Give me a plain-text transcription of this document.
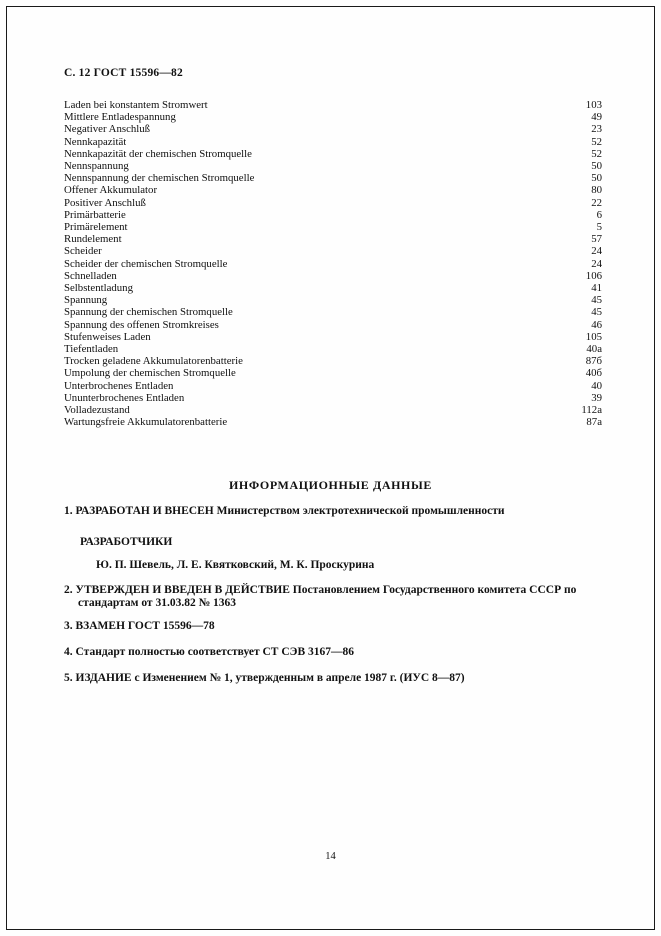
С. 12 ГОСТ 15596—82
Laden bei konstantem Stromwert	103
Mittlere Entladespannung	49
Negativer Anschluß	23
Nennkapazität	52
Nennkapazität der chemischen Stromquelle	52
Nennspannung	50
Nennspannung der chemischen Stromquelle	50
Offener Akkumulator	80
Positiver Anschluß	22
Primärbatterie	6
Primärelement	5
Rundelement	57
Scheider	24
Scheider der chemischen Stromquelle	24
Schnelladen	106
Selbstentladung	41
Spannung	45
Spannung der chemischen Stromquelle	45
Spannung des offenen Stromkreises	46
Stufenweises Laden	105
Tiefentladen	40а
Trocken geladene Akkumulatorenbatterie	87б
Umpolung der chemischen Stromquelle	40б
Unterbrochenes Entladen	40
Ununterbrochenes Entladen	39
Volladezustand	112а
Wartungsfreie Akkumulatorenbatterie	87а
ИНФОРМАЦИОННЫЕ ДАННЫЕ
1. РАЗРАБОТАН И ВНЕСЕН Министерством электротехнической промышленности
РАЗРАБОТЧИКИ
Ю. П. Шевель, Л. Е. Квятковский, М. К. Проскурина
2. УТВЕРЖДЕН И ВВЕДЕН В ДЕЙСТВИЕ Постановлением Государственного комитета СССР по стандартам от 31.03.82 № 1363
3. ВЗАМЕН ГОСТ 15596—78
4. Стандарт полностью соответствует СТ СЭВ 3167—86
5. ИЗДАНИЕ с Изменением № 1, утвержденным в апреле 1987 г. (ИУС 8—87)
14
